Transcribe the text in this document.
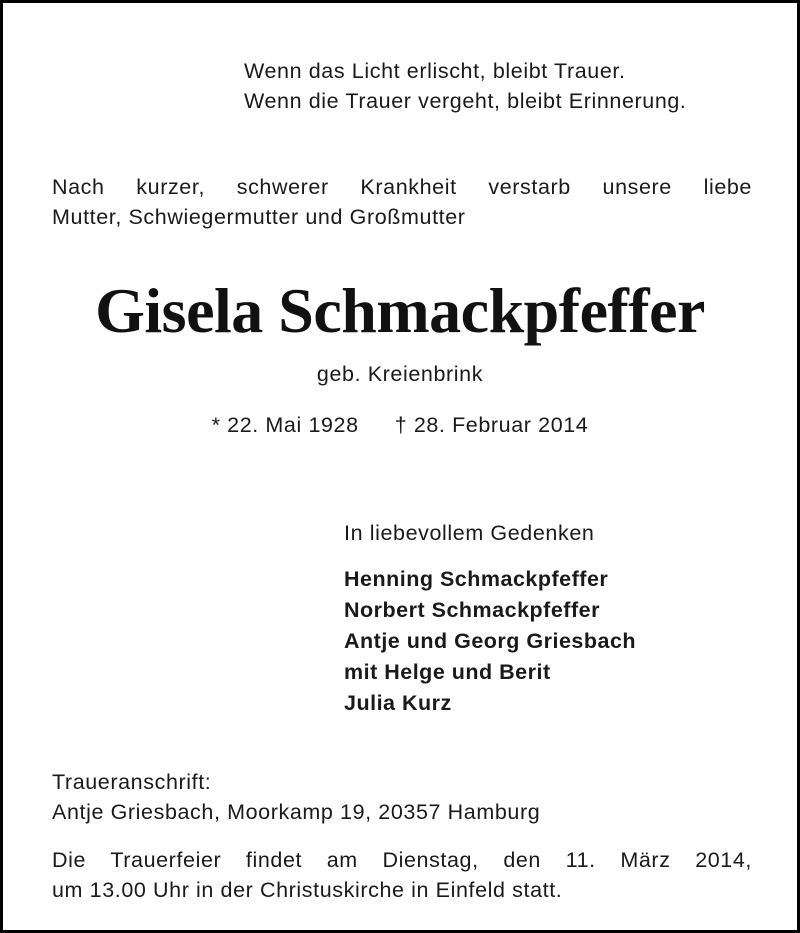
Wenn das Licht erlischt, bleibt Trauer.
Wenn die Trauer vergeht, bleibt Erinnerung.
Nach kurzer, schwerer Krankheit verstarb unsere liebe
Mutter, Schwiegermutter und Großmutter
Gisela Schmackpfeffer
geb. Kreienbrink
* 22. Mai 1928 † 28. Februar 2014
In liebevollem Gedenken
Henning Schmackpfeffer
Norbert Schmackpfeffer
Antje und Georg Griesbach
mit Helge und Berit
Julia Kurz
Traueranschrift:
Antje Griesbach, Moorkamp 19, 20357 Hamburg
Die Trauerfeier findet am Dienstag, den 11. März 2014,
um 13.00 Uhr in der Christuskirche in Einfeld statt.
